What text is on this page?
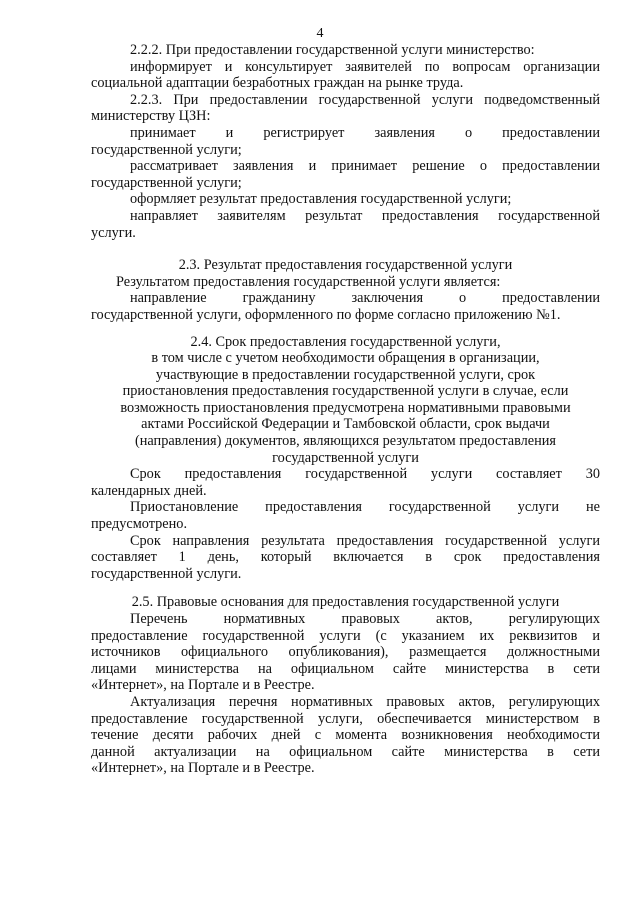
4
2.2.2. При предоставлении государственной услуги министерство:
информирует и консультирует заявителей по вопросам организации
социальной адаптации безработных граждан на рынке труда.
2.2.3. При предоставлении государственной услуги подведомственный
министерству ЦЗН:
принимает и регистрирует заявления о предоставлении
государственной услуги;
рассматривает заявления и принимает решение о предоставлении
государственной услуги;
оформляет результат предоставления государственной услуги;
направляет заявителям результат предоставления государственной
услуги.
2.3. Результат предоставления государственной услуги
Результатом предоставления государственной услуги является:
направление гражданину заключения о предоставлении
государственной услуги, оформленного по форме согласно приложению №1.
2.4. Срок предоставления государственной услуги,
в том числе с учетом необходимости обращения в организации,
участвующие в предоставлении государственной услуги, срок
приостановления предоставления государственной услуги в случае, если
возможность приостановления предусмотрена нормативными правовыми
актами Российской Федерации и Тамбовской области, срок выдачи
(направления) документов, являющихся результатом предоставления
государственной услуги
Срок предоставления государственной услуги составляет 30
календарных дней.
Приостановление предоставления государственной услуги не
предусмотрено.
Срок направления результата предоставления государственной услуги
составляет 1 день, который включается в срок предоставления
государственной услуги.
2.5. Правовые основания для предоставления государственной услуги
Перечень нормативных правовых актов, регулирующих
предоставление государственной услуги (с указанием их реквизитов и
источников официального опубликования), размещается должностными
лицами министерства на официальном сайте министерства в сети
«Интернет», на Портале и в Реестре.
Актуализация перечня нормативных правовых актов, регулирующих
предоставление государственной услуги, обеспечивается министерством в
течение десяти рабочих дней с момента возникновения необходимости
данной актуализации на официальном сайте министерства в сети
«Интернет», на Портале и в Реестре.
